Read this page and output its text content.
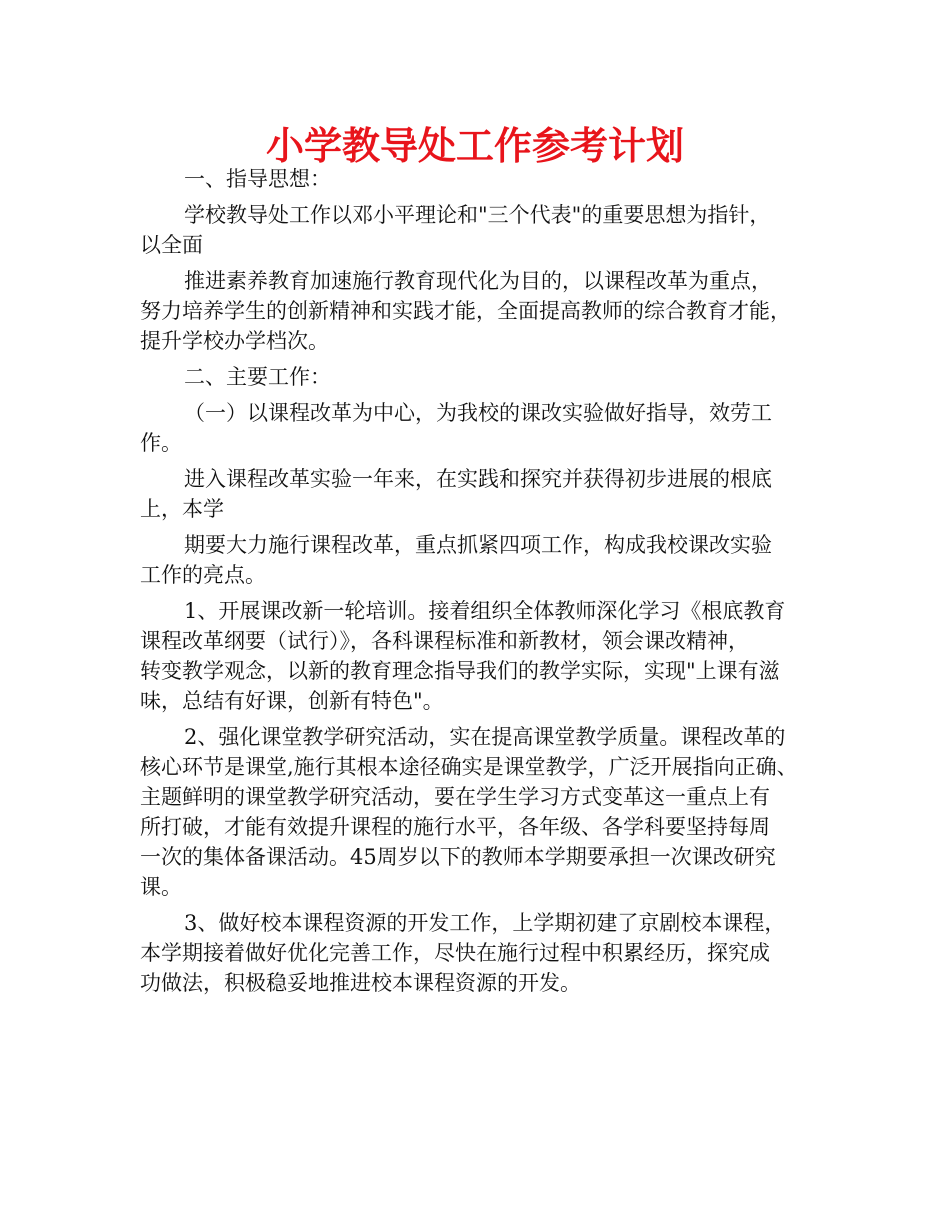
小学教导处工作参考计划

一、指导思想：

学校教导处工作以邓小平理论和"三个代表"的重要思想为指针，

以全面

推进素养教育加速施行教育现代化为目的，以课程改革为重点，

努力培养学生的创新精神和实践才能，全面提高教师的综合教育才能，

提升学校办学档次。

二、主要工作：

（一）以课程改革为中心，为我校的课改实验做好指导，效劳工

作。

进入课程改革实验一年来，在实践和探究并获得初步进展的根底

上，本学

期要大力施行课程改革，重点抓紧四项工作，构成我校课改实验

工作的亮点。

1、开展课改新一轮培训。接着组织全体教师深化学习《根底教育

课程改革纲要（试行）》，各科课程标准和新教材，领会课改精神，

转变教学观念，以新的教育理念指导我们的教学实际，实现"上课有滋

味，总结有好课，创新有特色"。

2、强化课堂教学研究活动，实在提高课堂教学质量。课程改革的

核心环节是课堂,施行其根本途径确实是课堂教学，广泛开展指向正确、

主题鲜明的课堂教学研究活动，要在学生学习方式变革这一重点上有

所打破，才能有效提升课程的施行水平，各年级、各学科要坚持每周

一次的集体备课活动。45周岁以下的教师本学期要承担一次课改研究

课。

3、做好校本课程资源的开发工作，上学期初建了京剧校本课程，

本学期接着做好优化完善工作，尽快在施行过程中积累经历，探究成

功做法，积极稳妥地推进校本课程资源的开发。
